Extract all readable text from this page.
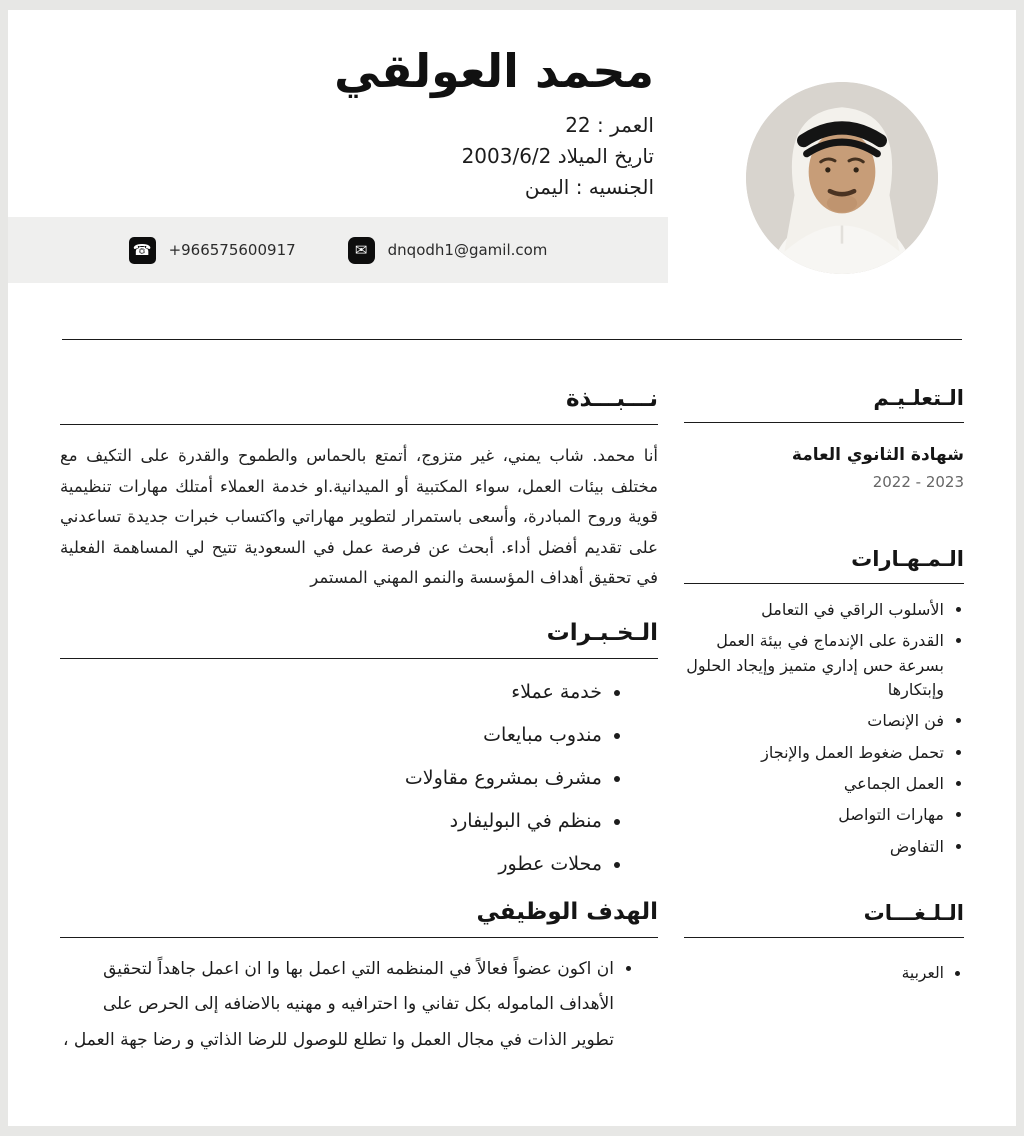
محمد العولقي
العمر : 22
تاريخ الميلاد 2003/6/2
الجنسيه : اليمن
☎ +966575600917	✉	dnqodh1@gamil.com
الـتعلـيـم
شهادة الثانوي العامة
2022 - 2023
الـمـهـارات
• الأسلوب الراقي في التعامل
• القدرة على الإندماج في بيئة العمل بسرعة حس إداري متميز وإيجاد الحلول وإبتكارها
• فن الإنصات
• تحمل ضغوط العمل والإنجاز
• العمل الجماعي
• مهارات التواصل
• التفاوض
الـلـغـــات
• العربية
نـــبـــذة

أنا محمد. شاب يمني، غير متزوج، أتمتع بالحماس والطموح والقدرة على التكيف مع مختلف بيئات العمل، سواء المكتبية أو الميدانية.او خدمة العملاء أمتلك مهارات تنظيمية قوية وروح المبادرة، وأسعى باستمرار لتطوير مهاراتي واكتساب خبرات جديدة تساعدني على تقديم أفضل أداء. أبحث عن فرصة عمل في السعودية تتيح لي المساهمة الفعلية في تحقيق أهداف المؤسسة والنمو المهني المستمر

الـخـبـرات
• خدمة عملاء
• مندوب مبايعات
• مشرف بمشروع مقاولات
• منظم في البوليفارد
• محلات عطور
الهدف الوظيفي
• ان اكون عضواً فعالاً في المنظمه التي اعمل بها وا ان اعمل جاهداً لتحقيق الأهداف الماموله بكل تفاني وا احترافيه و مهنيه بالاضافه إلى الحرص على تطوير الذات في مجال العمل وا تطلع للوصول للرضا الذاتي و رضا جهة العمل ،
